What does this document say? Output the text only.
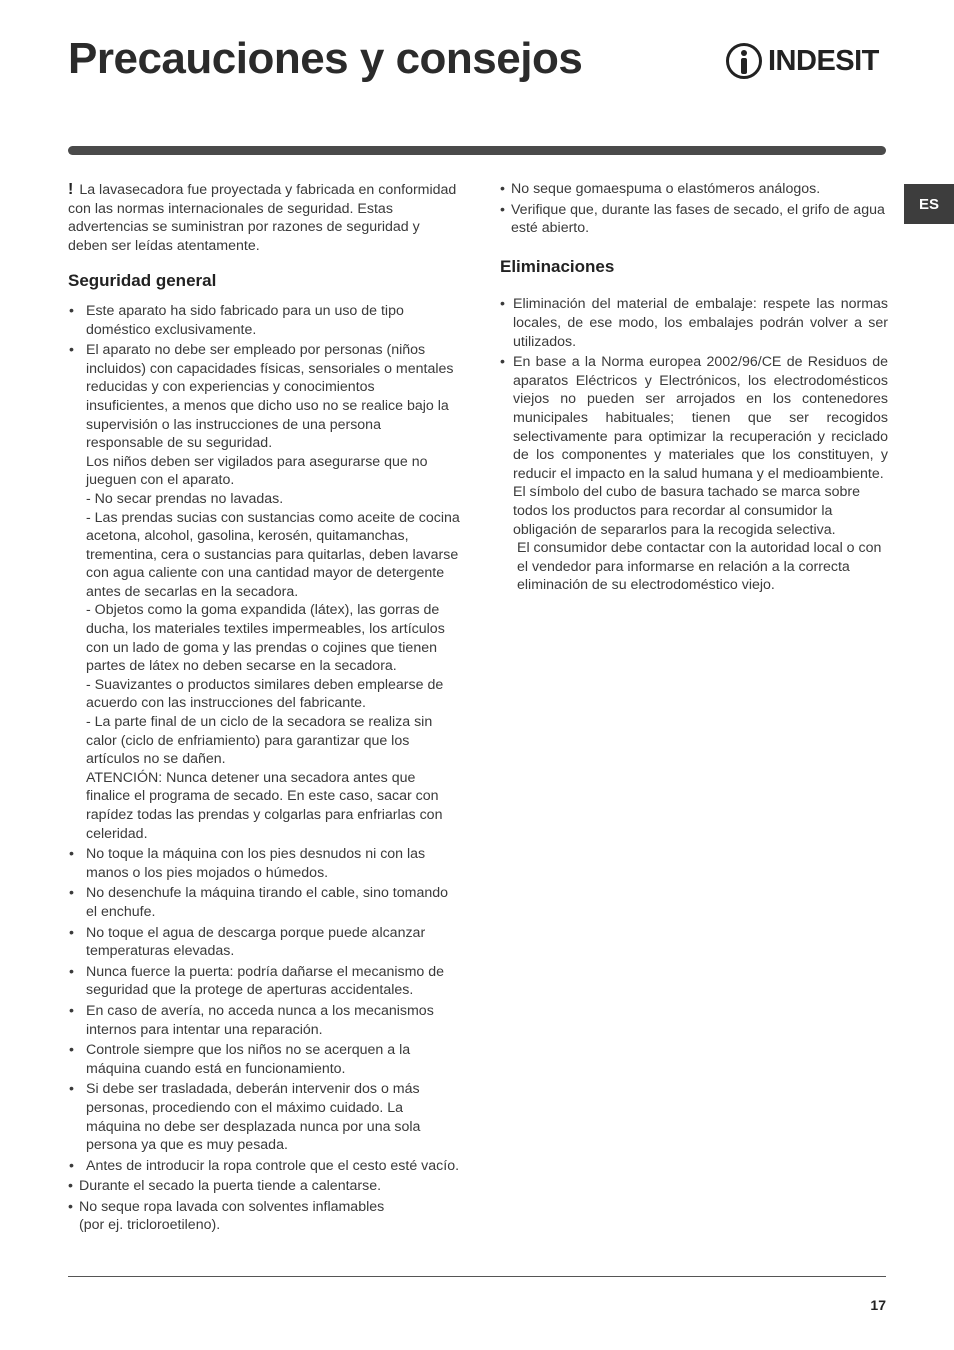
Precauciones y consejos	INDESIT
ES

! La lavasecadora fue proyectada y fabricada en conformidad con las normas internacionales de seguridad. Estas advertencias se suministran por razones de seguridad y deben ser leídas atentamente.

Seguridad general
• Este aparato ha sido fabricado para un uso de tipo doméstico exclusivamente.
• El aparato no debe ser empleado por personas (niños incluidos) con capacidades físicas, sensoriales o mentales reducidas y con experiencias y conocimientos insuficientes, a menos que dicho uso no se realice bajo la supervisión o las instrucciones de una persona responsable de su seguridad.
Los niños deben ser vigilados para asegurarse que no jueguen con el aparato.
- No secar prendas no lavadas.
- Las prendas sucias con sustancias como aceite de cocina acetona, alcohol, gasolina, kerosén, quitamanchas, trementina, cera o sustancias para quitarlas, deben lavarse con agua caliente con una cantidad mayor de detergente antes de secarlas en la secadora.
- Objetos como la goma expandida (látex), las gorras de ducha, los materiales textiles impermeables, los artículos con un lado de goma y las prendas o cojines que tienen partes de látex no deben secarse en la secadora.
- Suavizantes o productos similares deben emplearse de acuerdo con las instrucciones del fabricante.
- La parte final de un ciclo de la secadora se realiza sin calor (ciclo de enfriamiento) para garantizar que los artículos no se dañen.
ATENCIÓN: Nunca detener una secadora antes que finalice el programa de secado. En este caso, sacar con rapídez todas las prendas y colgarlas para enfriarlas con celeridad.
• No toque la máquina con los pies desnudos ni con las manos o los pies mojados o húmedos.
• No desenchufe la máquina tirando el cable, sino tomando el enchufe.
• No toque el agua de descarga porque puede alcanzar temperaturas elevadas.
• Nunca fuerce la puerta: podría dañarse el mecanismo de seguridad que la protege de aperturas accidentales.
• En caso de avería, no acceda nunca a los mecanismos internos para intentar una reparación.
• Controle siempre que los niños no se acerquen a la máquina cuando está en funcionamiento.
• Si debe ser trasladada, deberán intervenir dos o más personas, procediendo con el máximo cuidado. La máquina no debe ser desplazada nunca por una sola persona ya que es muy pesada.
• Antes de introducir la ropa controle que el cesto esté vacío.
• Durante el secado la puerta tiende a calentarse.
• No seque ropa lavada con solventes inflamables
(por ej. tricloroetileno).
• No seque gomaespuma o elastómeros análogos.
• Verifique que, durante las fases de secado, el grifo de agua esté abierto.
Eliminaciones
• Eliminación del material de embalaje: respete las normas locales, de ese modo, los embalajes podrán volver a ser utilizados.
• En base a la Norma europea 2002/96/CE de Residuos de aparatos Eléctricos y Electrónicos, los electrodomésticos viejos no pueden ser arrojados en los contenedores municipales habituales; tienen que ser recogidos selectivamente para optimizar la recuperación y reciclado de los componentes y materiales que los constituyen, y reducir el impacto en la salud humana y el medioambiente.
El símbolo del cubo de basura tachado se marca sobre todos los productos para recordar al consumidor la obligación de separarlos para la recogida selectiva.
El consumidor debe contactar con la autoridad local o con el vendedor para informarse en relación a la correcta eliminación de su electrodoméstico viejo.
17
